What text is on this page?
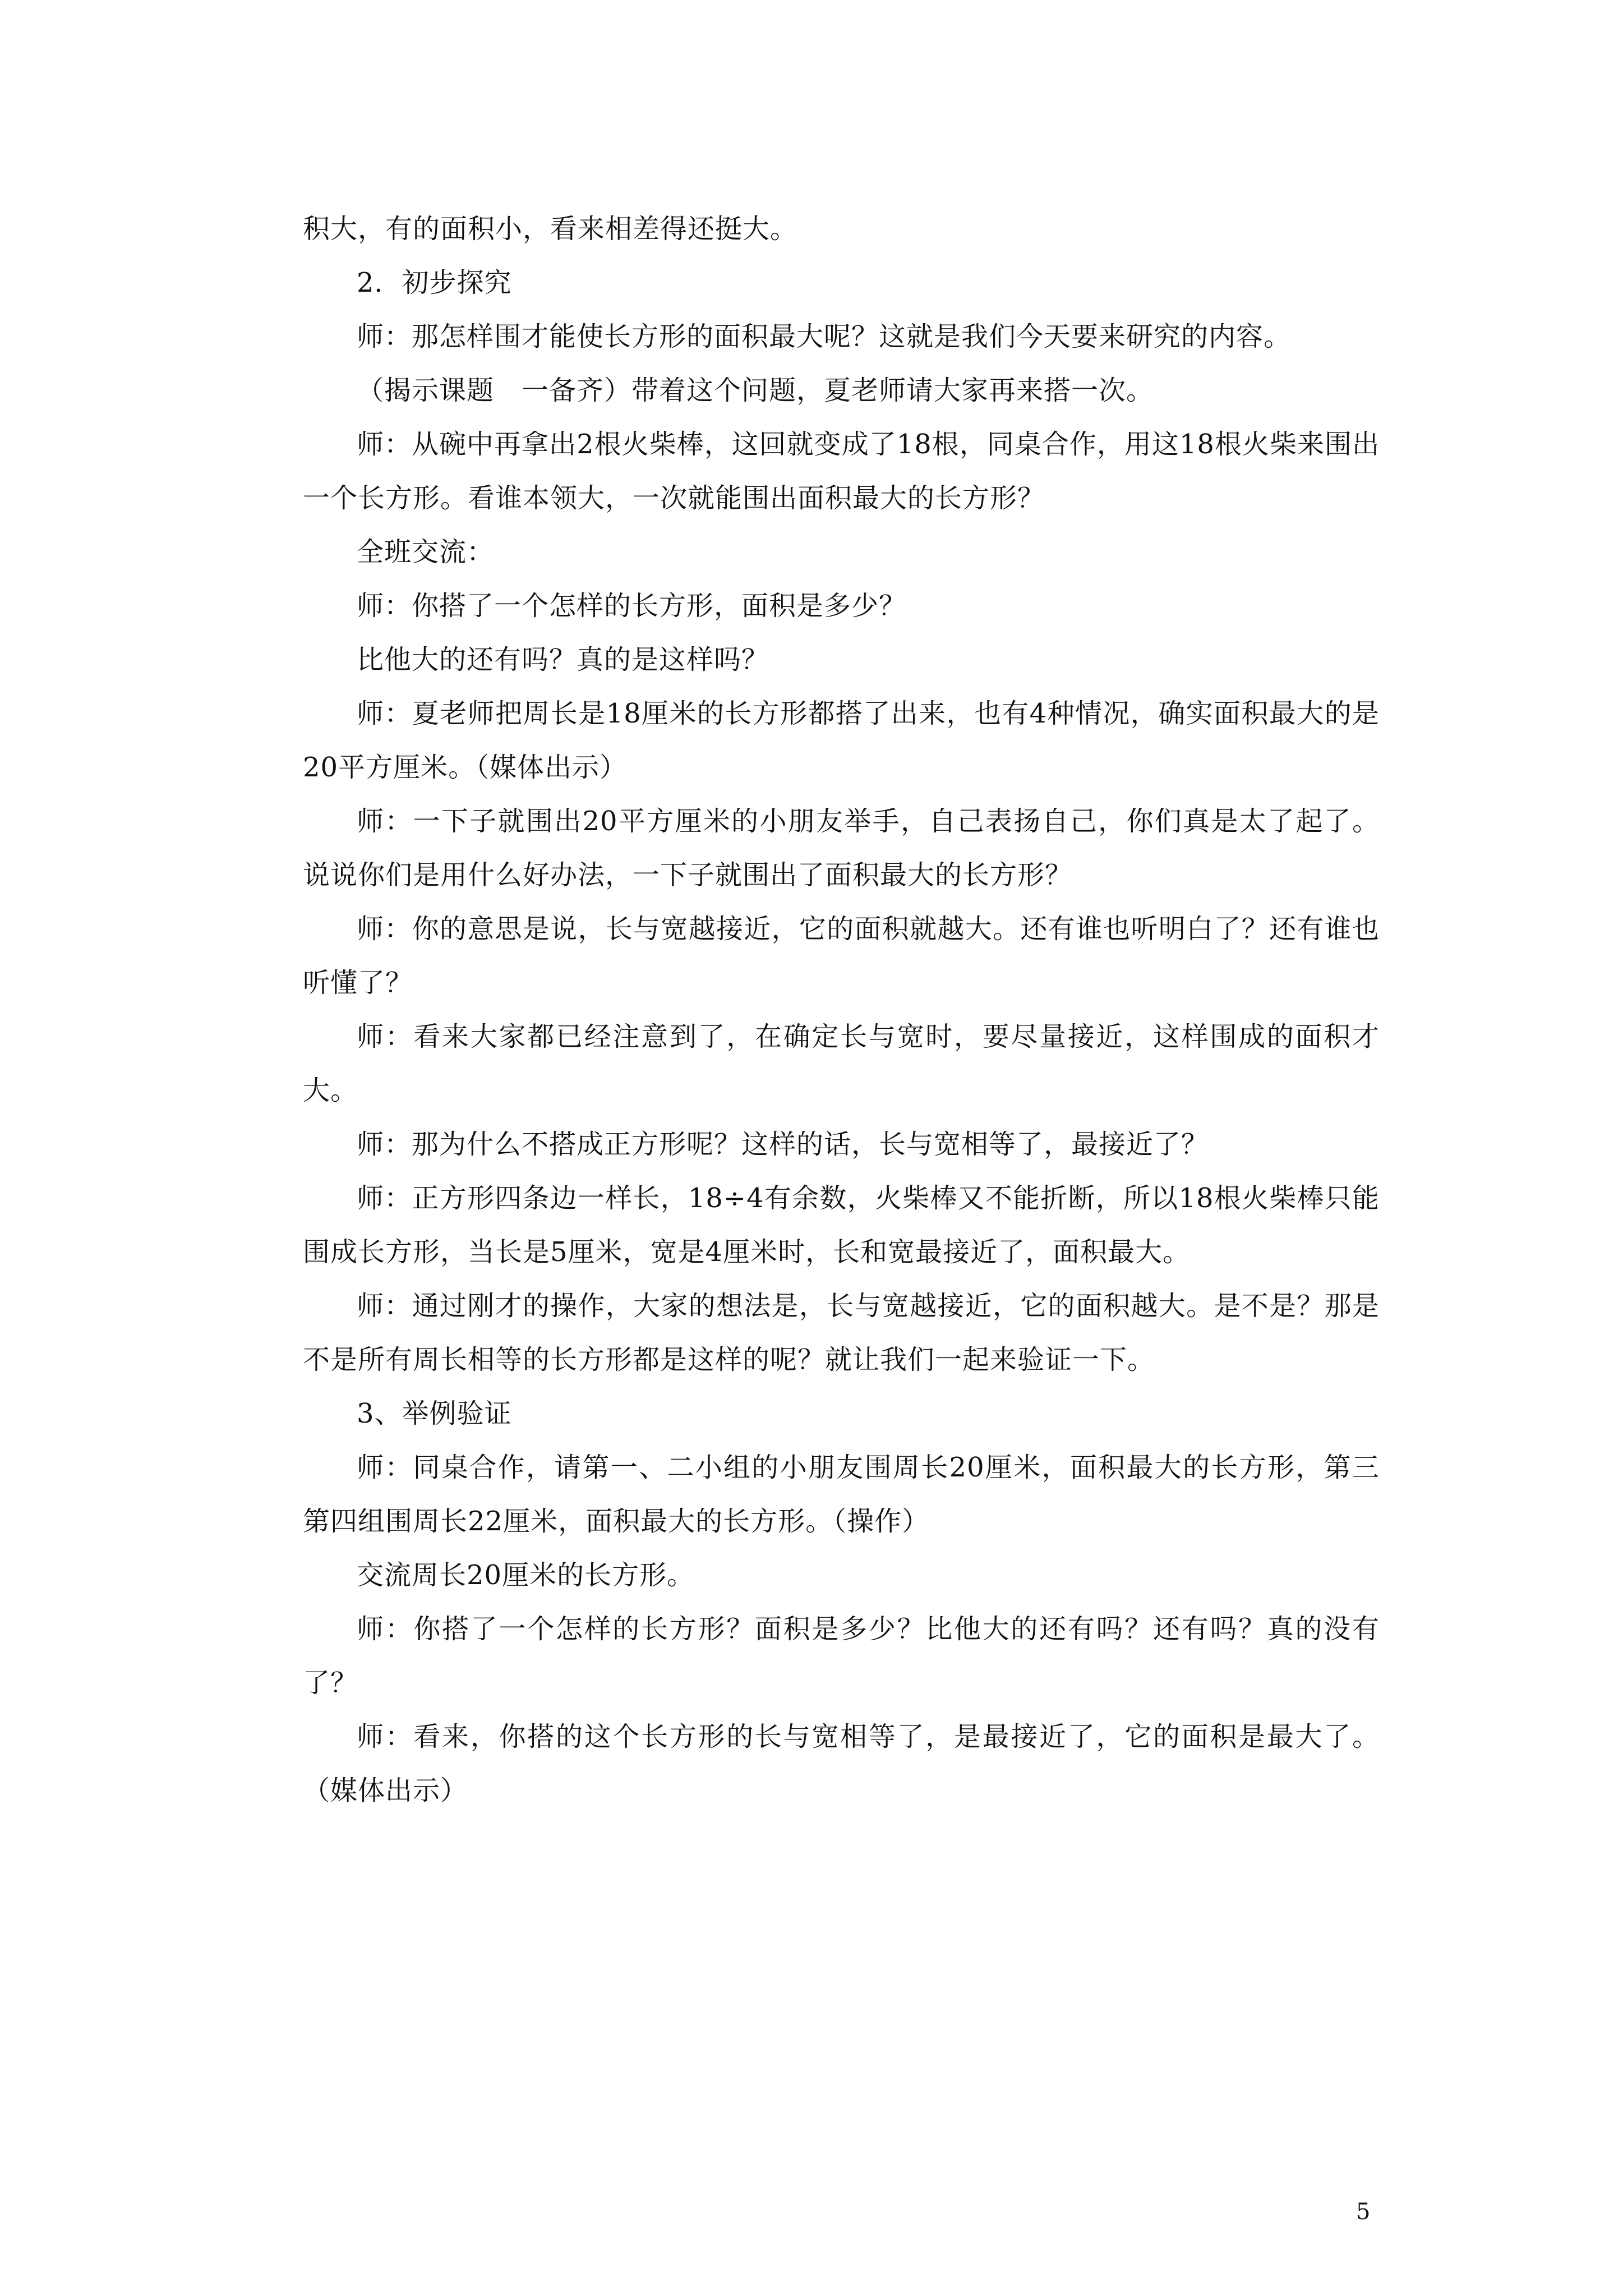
积大，有的面积小，看来相差得还挺大。

2．初步探究

师：那怎样围才能使长方形的面积最大呢？这就是我们今天要来研究的内容。

（揭示课题　一备齐）带着这个问题，夏老师请大家再来搭一次。

师：从碗中再拿出2根火柴棒，这回就变成了18根，同桌合作，用这18根火柴来围出一个长方形。看谁本领大，一次就能围出面积最大的长方形？

全班交流：

师：你搭了一个怎样的长方形，面积是多少？

比他大的还有吗？真的是这样吗？

师：夏老师把周长是18厘米的长方形都搭了出来，也有4种情况，确实面积最大的是20平方厘米。（媒体出示）

师：一下子就围出20平方厘米的小朋友举手，自己表扬自己，你们真是太了起了。说说你们是用什么好办法，一下子就围出了面积最大的长方形？

师：你的意思是说，长与宽越接近，它的面积就越大。还有谁也听明白了？还有谁也听懂了？

师：看来大家都已经注意到了，在确定长与宽时，要尽量接近，这样围成的面积才大。

师：那为什么不搭成正方形呢？这样的话，长与宽相等了，最接近了？

师：正方形四条边一样长，18÷4有余数，火柴棒又不能折断，所以18根火柴棒只能围成长方形，当长是5厘米，宽是4厘米时，长和宽最接近了，面积最大。

师：通过刚才的操作，大家的想法是，长与宽越接近，它的面积越大。是不是？那是不是所有周长相等的长方形都是这样的呢？就让我们一起来验证一下。

3、举例验证

师：同桌合作，请第一、二小组的小朋友围周长20厘米，面积最大的长方形，第三第四组围周长22厘米，面积最大的长方形。（操作）

交流周长20厘米的长方形。

师：你搭了一个怎样的长方形？面积是多少？比他大的还有吗？还有吗？真的没有了？

师：看来，你搭的这个长方形的长与宽相等了，是最接近了，它的面积是最大了。（媒体出示）

5
